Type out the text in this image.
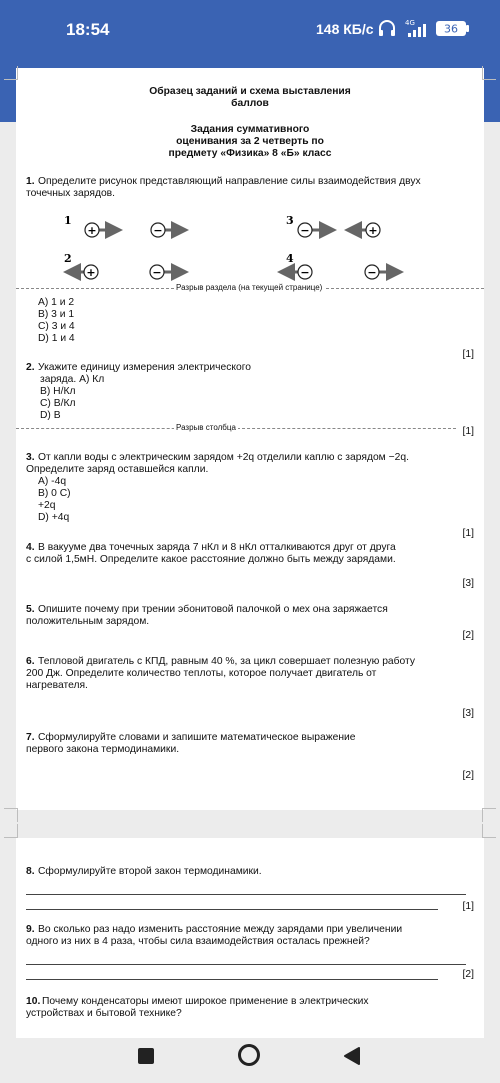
18:54	148 КБ/с	4G	36
Образец заданий и схема выставления
баллов
Задания суммативного
оценивания за 2 четверть по
предмету «Физика» 8 «Б» класс
1. Определите рисунок представляющий направление силы взаимодействия двух
точечных зарядов.
1	3
2	4
+	−	−	+
+	−	−	−
Разрыв раздела (на текущей странице)
A) 1 и 2
B) 3 и 1
C) 3 и 4
D) 1 и 4
[1]
2. Укажите единицу измерения электрического
заряда. A) Кл
B) Н/Кл
C) В/Кл
D) В
Разрыв столбца	[1]
3. От капли воды с электрическим зарядом +2q отделили каплю с зарядом −2q.
Определите заряд оставшейся капли.
A) -4q
B) 0 C)
+2q
D) +4q
[1]
4. В вакууме два точечных заряда 7 нКл и 8 нКл отталкиваются друг от друга
с силой 1,5мН. Определите какое расстояние должно быть между зарядами.
[3]
5. Опишите почему при трении эбонитовой палочкой о мех она заряжается
положительным зарядом.
[2]
6. Тепловой двигатель с КПД, равным 40 %, за цикл совершает полезную работу
200 Дж. Определите количество теплоты, которое получает двигатель от
нагревателя.
[3]
7. Сформулируйте словами и запишите математическое выражение
первого закона термодинамики.
[2]
8. Сформулируйте второй закон термодинамики.
[1]
9. Во сколько раз надо изменить расстояние между зарядами при увеличении
одного из них в 4 раза, чтобы сила взаимодействия осталась прежней?
[2]
10. Почему конденсаторы имеют широкое применение в электрических
устройствах и бытовой технике?
